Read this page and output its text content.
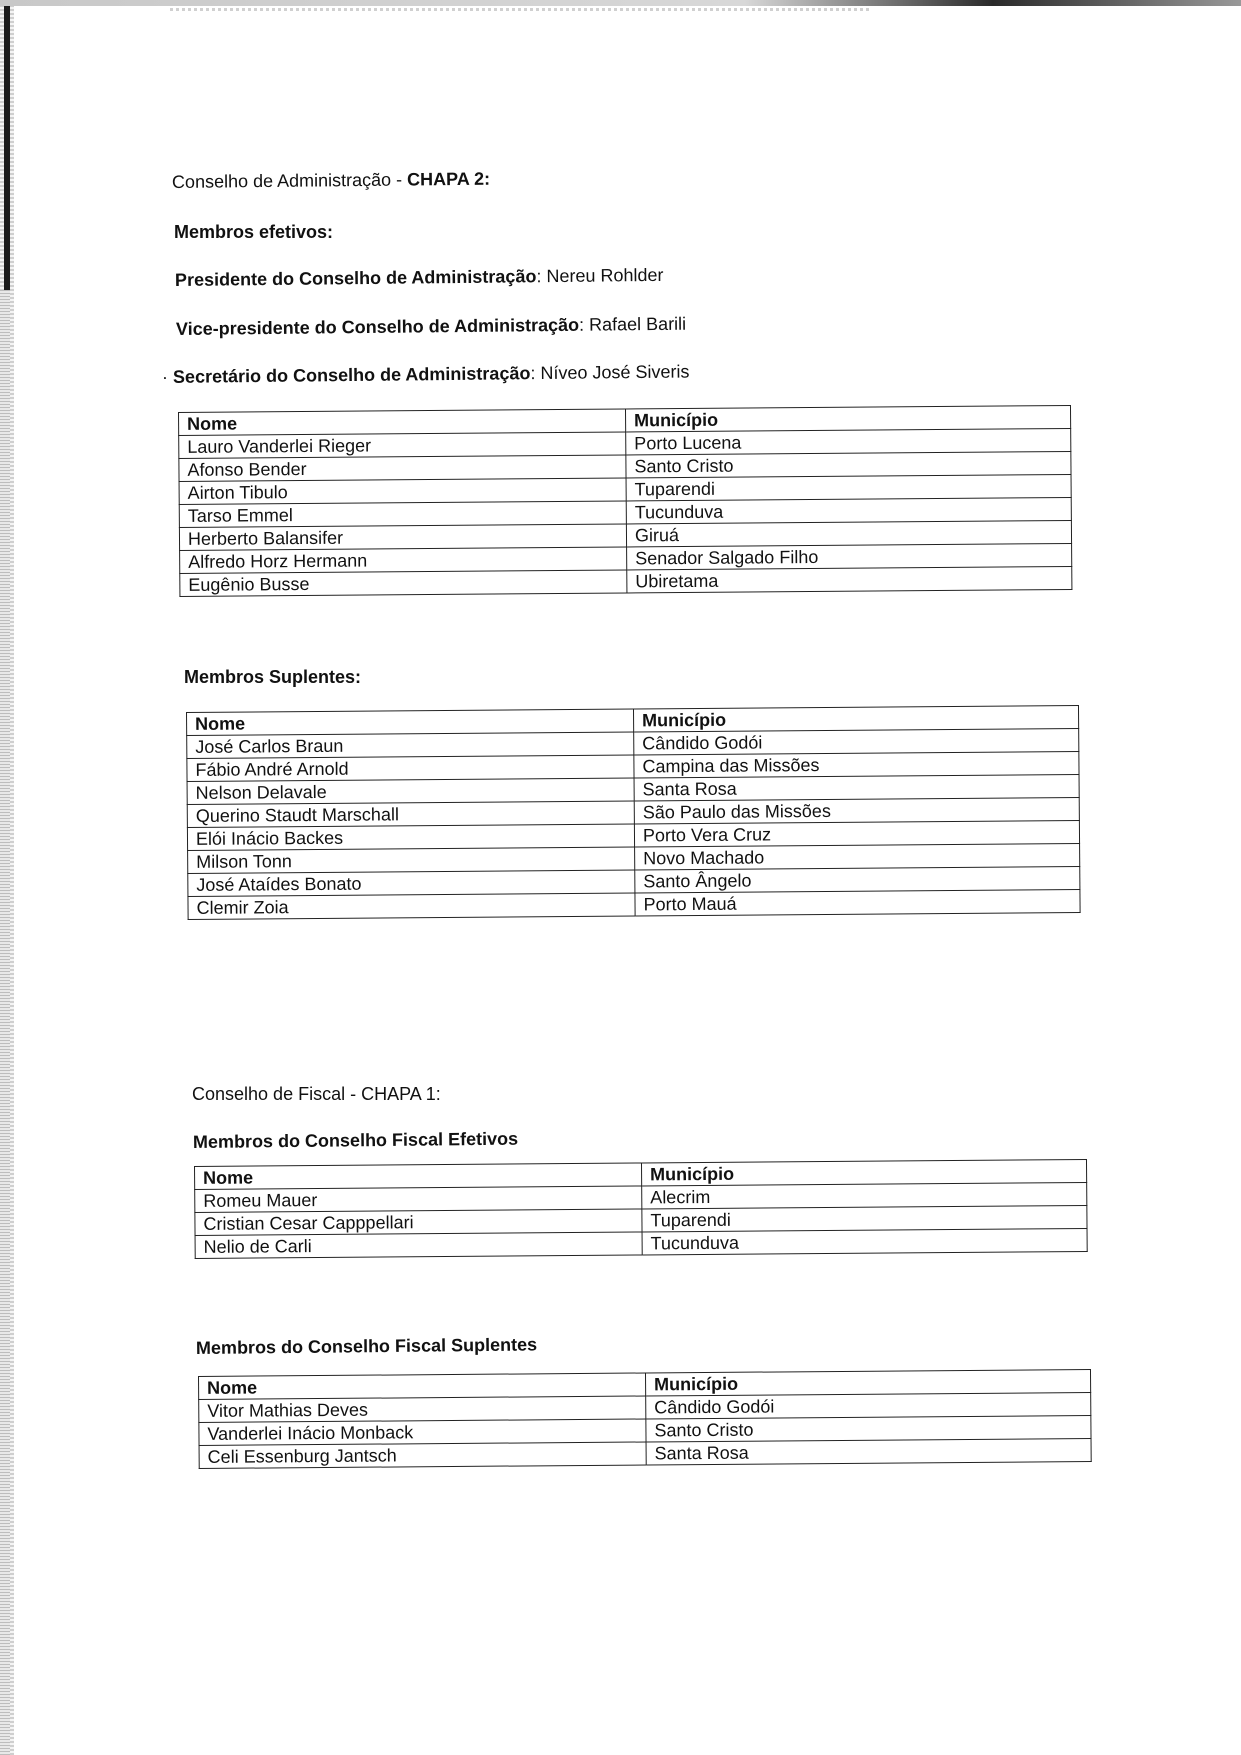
Conselho de Administração - CHAPA 2:
Membros efetivos:
Presidente do Conselho de Administração: Nereu Rohlder
Vice-presidente do Conselho de Administração: Rafael Barili
· Secretário do Conselho de Administração: Níveo José Siveris
Nome	Município
Lauro Vanderlei Rieger	Porto Lucena
Afonso Bender	Santo Cristo
Airton Tibulo	Tuparendi
Tarso Emmel	Tucunduva
Herberto Balansifer	Giruá
Alfredo Horz Hermann	Senador Salgado Filho
Eugênio Busse	Ubiretama
Membros Suplentes:
Nome	Município
José Carlos Braun	Cândido Godói
Fábio André Arnold	Campina das Missões
Nelson Delavale	Santa Rosa
Querino Staudt Marschall	São Paulo das Missões
Elói Inácio Backes	Porto Vera Cruz
Milson Tonn	Novo Machado
José Ataídes Bonato	Santo Ângelo
Clemir Zoia	Porto Mauá
Conselho de Fiscal - CHAPA 1:
Membros do Conselho Fiscal Efetivos
Nome	Município
Romeu Mauer	Alecrim
Cristian Cesar Capppellari	Tuparendi
Nelio de Carli	Tucunduva
Membros do Conselho Fiscal Suplentes
Nome	Município
Vitor Mathias Deves	Cândido Godói
Vanderlei Inácio Monback	Santo Cristo
Celi Essenburg Jantsch	Santa Rosa
